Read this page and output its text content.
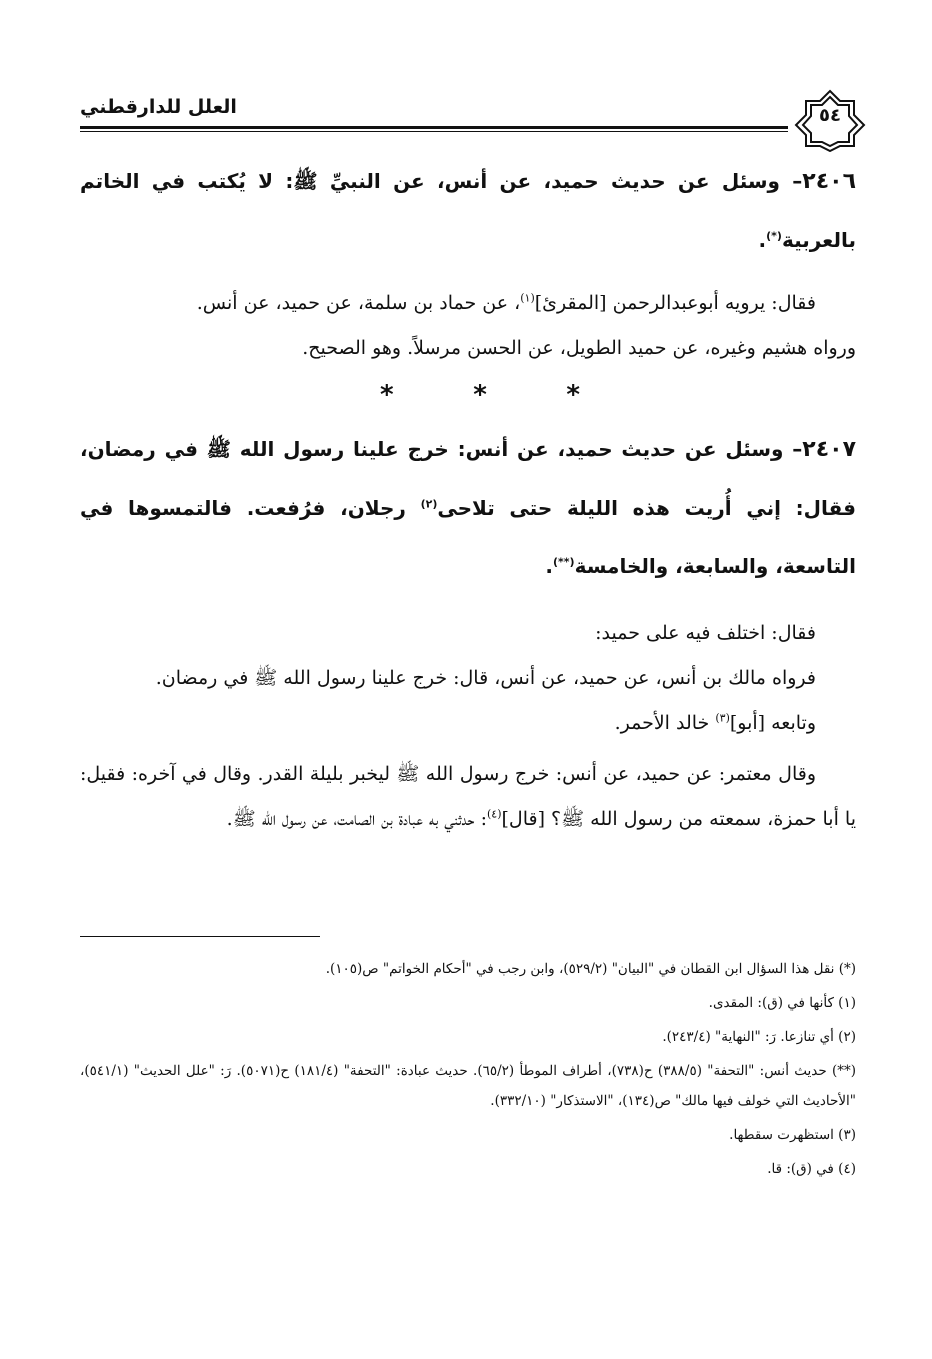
العلل للدارقطني	٥٤

٢٤٠٦– وسئل عن حديث حميد، عن أنس، عن النبيِّ ﷺ: لا يُكتب في الخاتم بالعربية(*).

فقال: يرويه أبوعبدالرحمن [المقرئ]$^{(١)}$، عن حماد بن سلمة، عن حميد، عن أنس.

ورواه هشيم وغيره، عن حميد الطويل، عن الحسن مرسلاً. وهو الصحيح.

*
*
*

٢٤٠٧– وسئل عن حديث حميد، عن أنس: خرج علينا رسول الله ﷺ في رمضان، فقال: إني أُريت هذه الليلة حتى تلاحى$^{(٢)}$ رجلان، فرُفعت. فالتمسوها في التاسعة، والسابعة، والخامسة(**).

فقال: اختلف فيه على حميد:

فرواه مالك بن أنس، عن حميد، عن أنس، قال: خرج علينا رسول الله ﷺ في رمضان.

وتابعه [أبو]$^{(٣)}$ خالد الأحمر.

وقال معتمر: عن حميد، عن أنس: خرج رسول الله ﷺ ليخبر بليلة القدر. وقال في آخره: فقيل: يا أبا حمزة، سمعته من رسول الله ﷺ؟ [قال]$^{(٤)}$: حدثني به عبادة بن الصامت، عن رسول الله ﷺ.

(*) نقل هذا السؤال ابن القطان في "البيان" (٥٢٩/٢)، وابن رجب في "أحكام الخواتم" ص(١٠٥).

(١) كأنها في (ق): المقدى.

(٢) أي تنازعا. رَ: "النهاية" (٢٤٣/٤).

(**) حديث أنس: "التحفة" (٣٨٨/٥) ح(٧٣٨)، أطراف الموطأ (٦٥/٢). حديث عبادة: "التحفة" (١٨١/٤) ح(٥٠٧١). رَ: "علل الحديث" (٥٤١/١)، "الأحاديث التي خولف فيها مالك" ص(١٣٤)، "الاستذكار" (٣٣٢/١٠).

(٣) استظهرت سقطها.

(٤) في (ق): قا.
